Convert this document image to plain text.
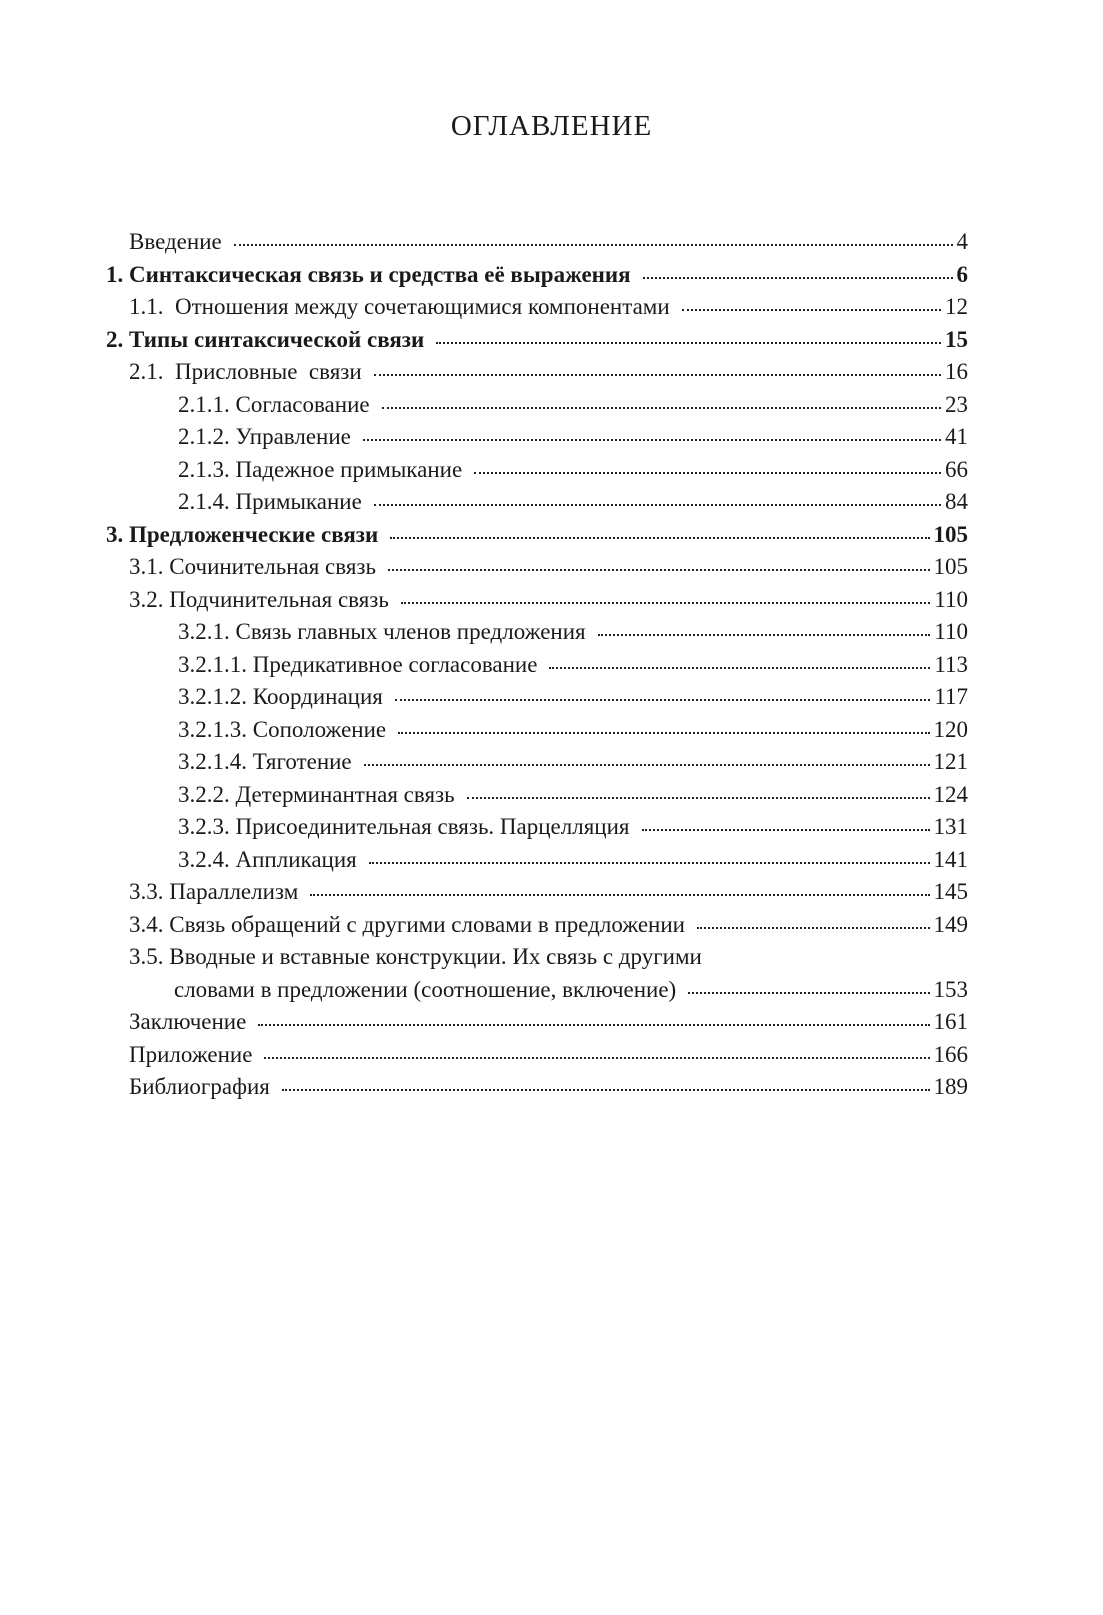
ОГЛАВЛЕНИЕ
Введение	4
1. Синтаксическая связь и средства её выражения	6
1.1.  Отношения между сочетающимися компонентами	12
2. Типы синтаксической связи	15
2.1.  Присловные  связи	16
2.1.1. Согласование	23
2.1.2. Управление	41
2.1.3. Падежное примыкание	66
2.1.4. Примыкание	84
3. Предложенческие связи	105
3.1. Сочинительная связь	105
3.2. Подчинительная связь	110
3.2.1. Связь главных членов предложения	110
3.2.1.1. Предикативное согласование	113
3.2.1.2. Координация	117
3.2.1.3. Соположение	120
3.2.1.4. Тяготение	121
3.2.2. Детерминантная связь	124
3.2.3. Присоединительная связь. Парцелляция	131
3.2.4. Аппликация	141
3.3. Параллелизм	145
3.4. Связь обращений с другими словами в предложении	149
3.5. Вводные и вставные конструкции. Их связь с другими
словами в предложении (соотношение, включение)	153
Заключение	161
Приложение	166
Библиография	189
